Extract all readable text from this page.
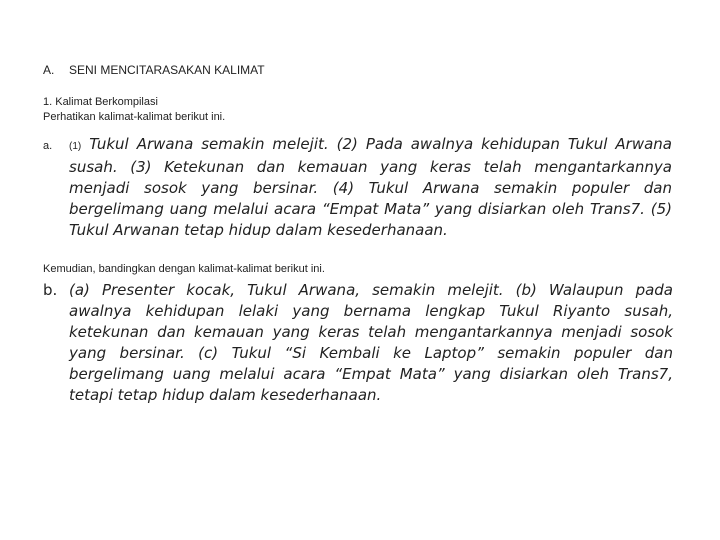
A. SENI MENCITARASAKAN KALIMAT
1. Kalimat Berkompilasi
Perhatikan kalimat-kalimat berikut ini.
a. (1) Tukul Arwana semakin melejit. (2) Pada awalnya kehidupan Tukul Arwana susah. (3) Ketekunan dan kemauan yang keras telah mengantarkannya menjadi sosok yang bersinar. (4) Tukul Arwana semakin populer dan bergelimang uang melalui acara “Empat Mata” yang disiarkan oleh Trans7. (5) Tukul Arwanan tetap hidup dalam kesederhanaan.
Kemudian, bandingkan dengan kalimat-kalimat berikut ini.
b. (a) Presenter kocak, Tukul Arwana, semakin melejit. (b) Walaupun pada awalnya kehidupan lelaki yang bernama lengkap Tukul Riyanto susah, ketekunan dan kemauan yang keras telah mengantarkannya menjadi sosok yang bersinar. (c) Tukul “Si Kembali ke Laptop” semakin populer dan bergelimang uang melalui acara “Empat Mata” yang disiarkan oleh Trans7, tetapi tetap hidup dalam kesederhanaan.
